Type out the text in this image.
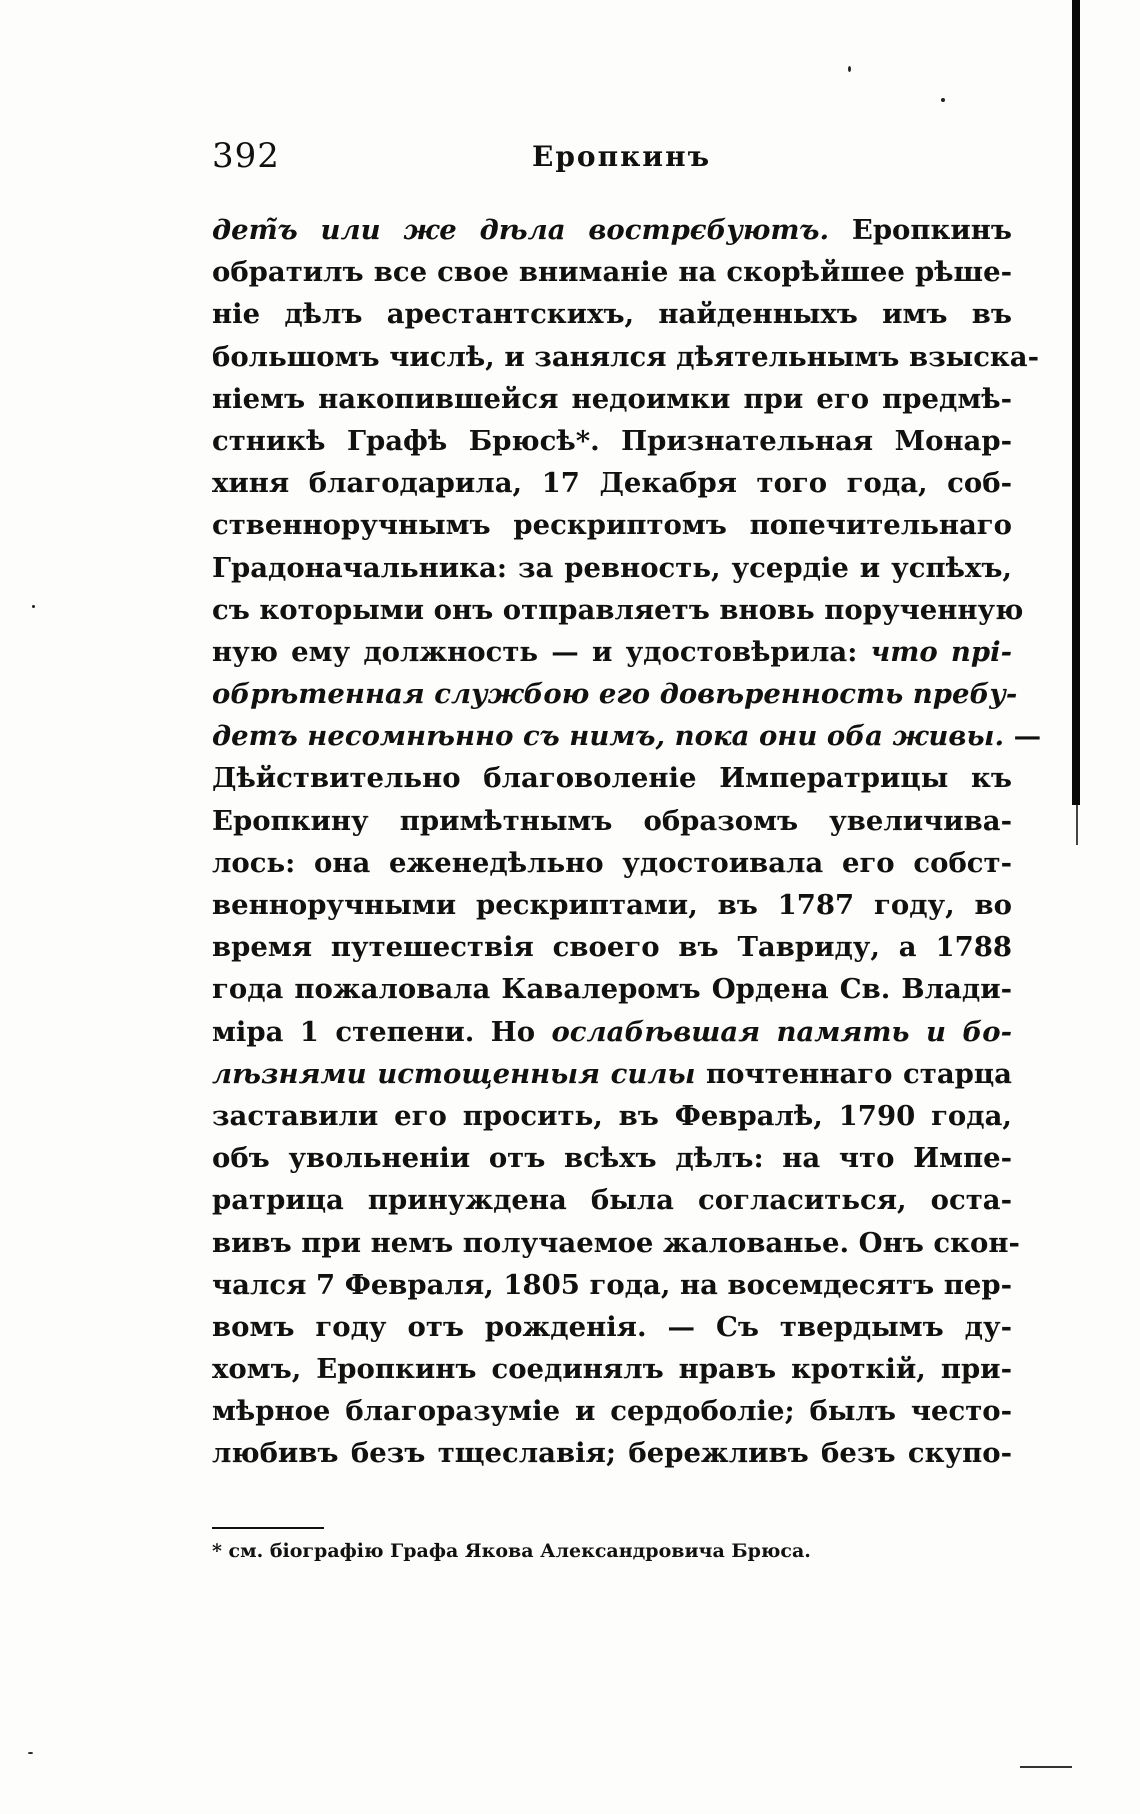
392	Еропкинъ
дет̃ъ или же дѣла вострєбуютъ. Еропкинъ
обратилъ все свое вниманіе на скорѣйшее рѣше-
ніе дѣлъ арестантскихъ, найденныхъ имъ въ
большомъ числѣ, и занялся дѣятельнымъ взыска-
ніемъ накопившейся недоимки при его предмѣ-
стникѣ Графѣ Брюсѣ*. Признательная Монар-
хиня благодарила, 17 Декабря того года, соб-
ственноручнымъ рескриптомъ попечительнаго
Градоначальника: за ревность, усердіе и успѣхъ,
съ которыми онъ отправляетъ вновь порученную
ную ему должность — и удостовѣрила: что прі-
обрѣтенная службою его довѣренность пребу-
детъ несомнѣнно съ нимъ, пока они оба живы. —
Дѣйствительно благоволеніе Императрицы къ
Еропкину примѣтнымъ образомъ увеличива-
лось: она еженедѣльно удостоивала его собст-
венноручными рескриптами, въ 1787 году, во
время путешествія своего въ Тавриду, а 1788
года пожаловала Кавалеромъ Ордена Св. Влади-
міра 1 степени. Но ослабѣвшая память и бо-
лѣзнями истощенныя силы почтеннаго старца
заставили его просить, въ Февралѣ, 1790 года,
объ увольненіи отъ всѣхъ дѣлъ: на что Импе-
ратрица принуждена была согласиться, оста-
вивъ при немъ получаемое жалованье. Онъ скон-
чался 7 Февраля, 1805 года, на восемдесятъ пер-
вомъ году отъ рожденія. — Съ твердымъ ду-
хомъ, Еропкинъ соединялъ нравъ кроткій, при-
мѣрное благоразуміе и сердоболіе; былъ често-
любивъ безъ тщеславія; бережливъ безъ скупо-
* см. біографію Графа Якова Александровича Брюса.
